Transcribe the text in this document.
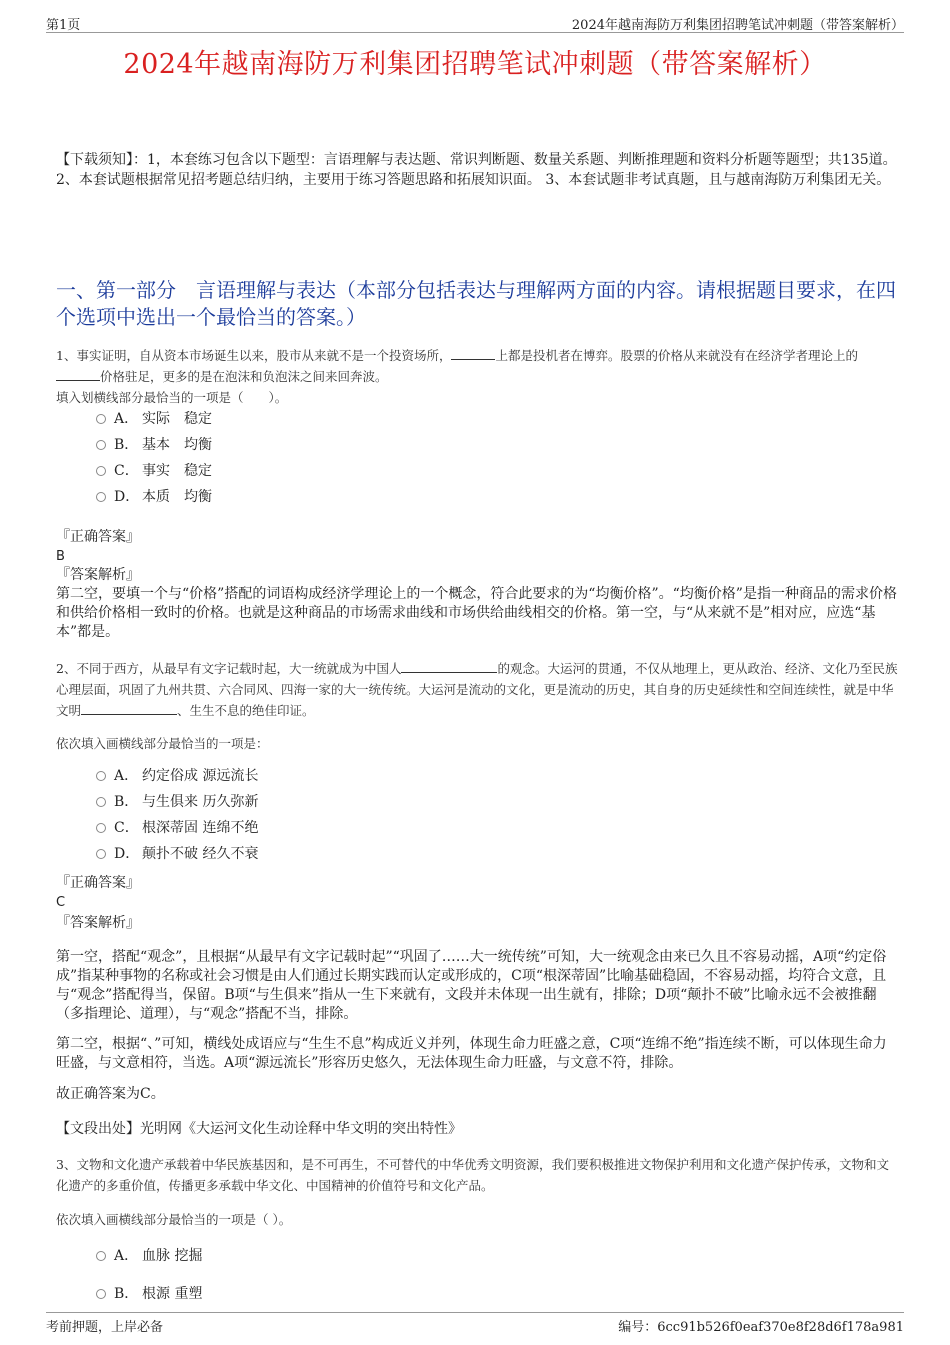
第1页	2024年越南海防万利集团招聘笔试冲刺题（带答案解析）
2024年越南海防万利集团招聘笔试冲刺题（带答案解析）
【下载须知】：1，本套练习包含以下题型：言语理解与表达题、常识判断题、数量关系题、判断推理题和资料分析题等题型；共135道。 2、本套试题根据常见招考题总结归纳，主要用于练习答题思路和拓展知识面。 3、本套试题非考试真题，且与越南海防万利集团无关。
一、第一部分　言语理解与表达（本部分包括表达与理解两方面的内容。请根据题目要求，在四个选项中选出一个最恰当的答案。）
1、事实证明，自从资本市场诞生以来，股市从来就不是一个投资场所，	上都是投机者在博弈。股票的价格从来就没有在经济学者理论上的价格驻足，更多的是在泡沫和负泡沫之间来回奔波。
填入划横线部分最恰当的一项是（　　）。
A． 实际　稳定
B． 基本　均衡
C． 事实　稳定
D． 本质　均衡
『正确答案』
B
『答案解析』
第二空，要填一个与“价格”搭配的词语构成经济学理论上的一个概念，符合此要求的为“均衡价格”。“均衡价格”是指一种商品的需求价格和供给价格相一致时的价格。也就是这种商品的市场需求曲线和市场供给曲线相交的价格。第一空，与“从来就不是”相对应，应选“基本”都是。
2、不同于西方，从最早有文字记载时起，大一统就成为中国人	的观念。大运河的贯通，不仅从地理上，更从政治、经济、文化乃至民族心理层面，巩固了九州共贯、六合同风、四海一家的大一统传统。大运河是流动的文化，更是流动的历史，其自身的历史延续性和空间连续性，就是中华文明	、生生不息的绝佳印证。
依次填入画横线部分最恰当的一项是：
A． 约定俗成 源远流长
B． 与生俱来 历久弥新
C． 根深蒂固 连绵不绝
D． 颠扑不破 经久不衰
『正确答案』
C
『答案解析』
第一空，搭配“观念”，且根据“从最早有文字记载时起”“巩固了……大一统传统”可知，大一统观念由来已久且不容易动摇，A项“约定俗成”指某种事物的名称或社会习惯是由人们通过长期实践而认定或形成的，C项“根深蒂固”比喻基础稳固，不容易动摇，均符合文意，且与“观念”搭配得当，保留。B项“与生俱来”指从一生下来就有，文段并未体现一出生就有，排除；D项“颠扑不破”比喻永远不会被推翻（多指理论、道理），与“观念”搭配不当，排除。
第二空，根据“、”可知，横线处成语应与“生生不息”构成近义并列，体现生命力旺盛之意，C项“连绵不绝”指连续不断，可以体现生命力旺盛，与文意相符，当选。A项“源远流长”形容历史悠久，无法体现生命力旺盛，与文意不符，排除。
故正确答案为C。
【文段出处】光明网《大运河文化生动诠释中华文明的突出特性》
3、文物和文化遗产承载着中华民族基因和，是不可再生，不可替代的中华优秀文明资源，我们要积极推进文物保护利用和文化遗产保护传承，文物和文化遗产的多重价值，传播更多承载中华文化、中国精神的价值符号和文化产品。
依次填入画横线部分最恰当的一项是（ ）。
A． 血脉 挖掘
B． 根源 重塑
考前押题，上岸必备	编号：6cc91b526f0eaf370e8f28d6f178a981
